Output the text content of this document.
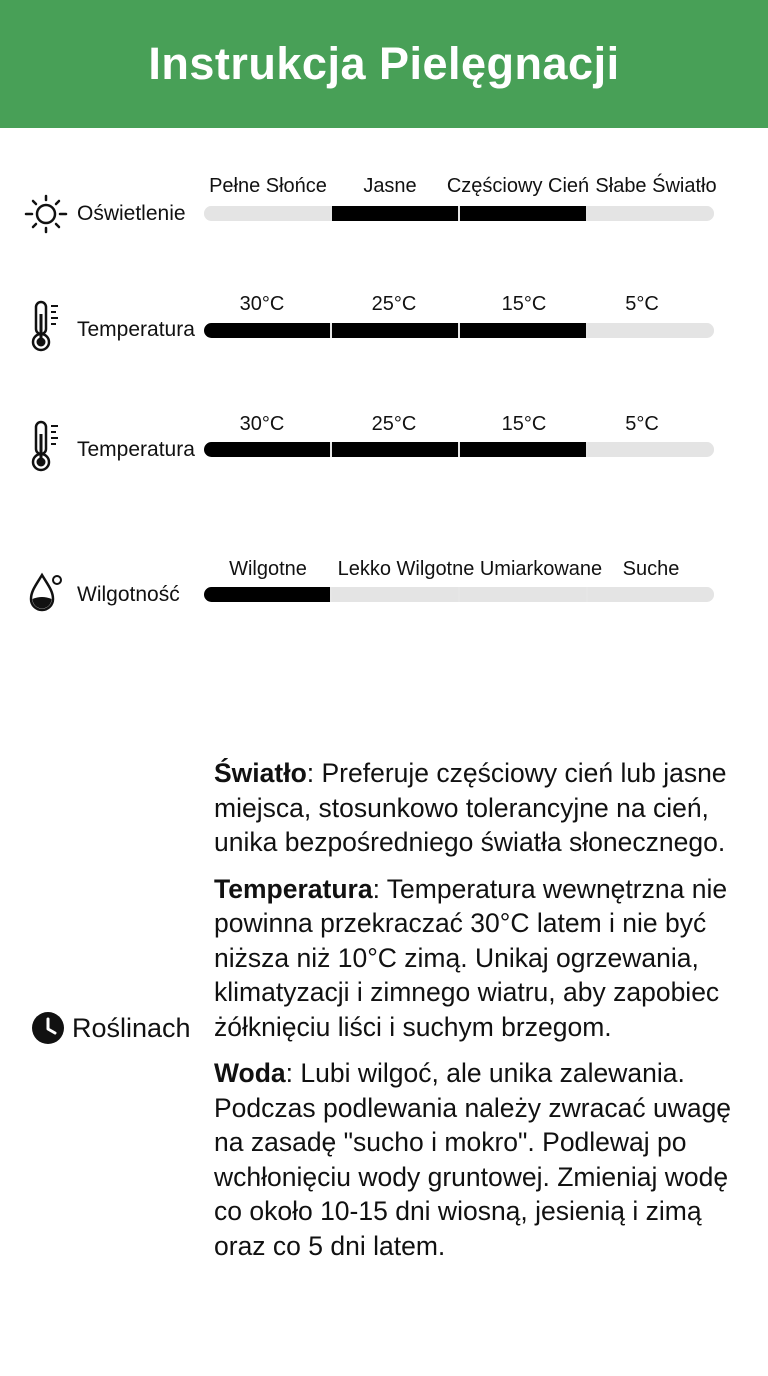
Instrukcja Pielęgnacji
Oświetlenie
Pełne Słońce Jasne Częściowy Cień Słabe Światło
Temperatura
30°C	25°C	15°C	5°C
Temperatura
30°C	25°C	15°C	5°C
Wilgotność
Wilgotne Lekko Wilgotne Umiarkowane Suche
Roślinach

Światło: Preferuje częściowy cień lub jasne miejsca, stosunkowo tolerancyjne na cień, unika bezpośredniego światła słonecznego.

Temperatura: Temperatura wewnętrzna nie powinna przekraczać 30°C latem i nie być niższa niż 10°C zimą. Unikaj ogrzewania, klimatyzacji i zimnego wiatru, aby zapobiec żółknięciu liści i suchym brzegom.

Woda: Lubi wilgoć, ale unika zalewania. Podczas podlewania należy zwracać uwagę na zasadę "sucho i mokro". Podlewaj po wchłonięciu wody gruntowej. Zmieniaj wodę co około 10-15 dni wiosną, jesienią i zimą oraz co 5 dni latem.
